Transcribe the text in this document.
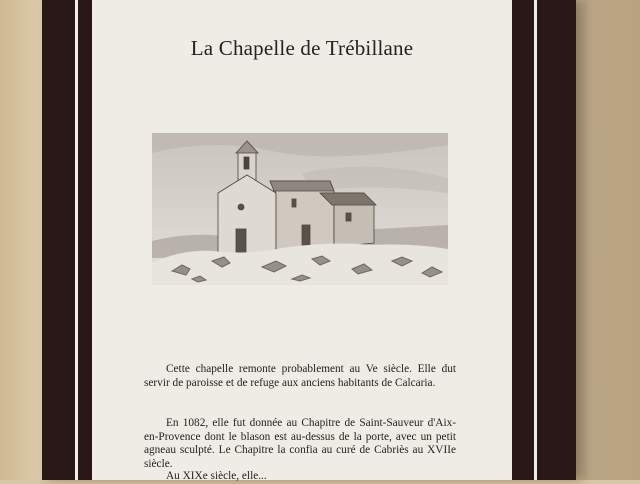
La Chapelle de Trébillane
Cette chapelle remonte probablement au Ve siècle. Elle dut servir de paroisse et de refuge aux anciens habitants de Calcaria.
En 1082, elle fut donnée au Chapitre de Saint-Sauveur d'Aix-en-Provence dont le blason est au-dessus de la porte, avec un petit agneau sculpté. Le Chapitre la confia au curé de Cabriès au XVIIe siècle.
Au XIXe siècle, elle...
